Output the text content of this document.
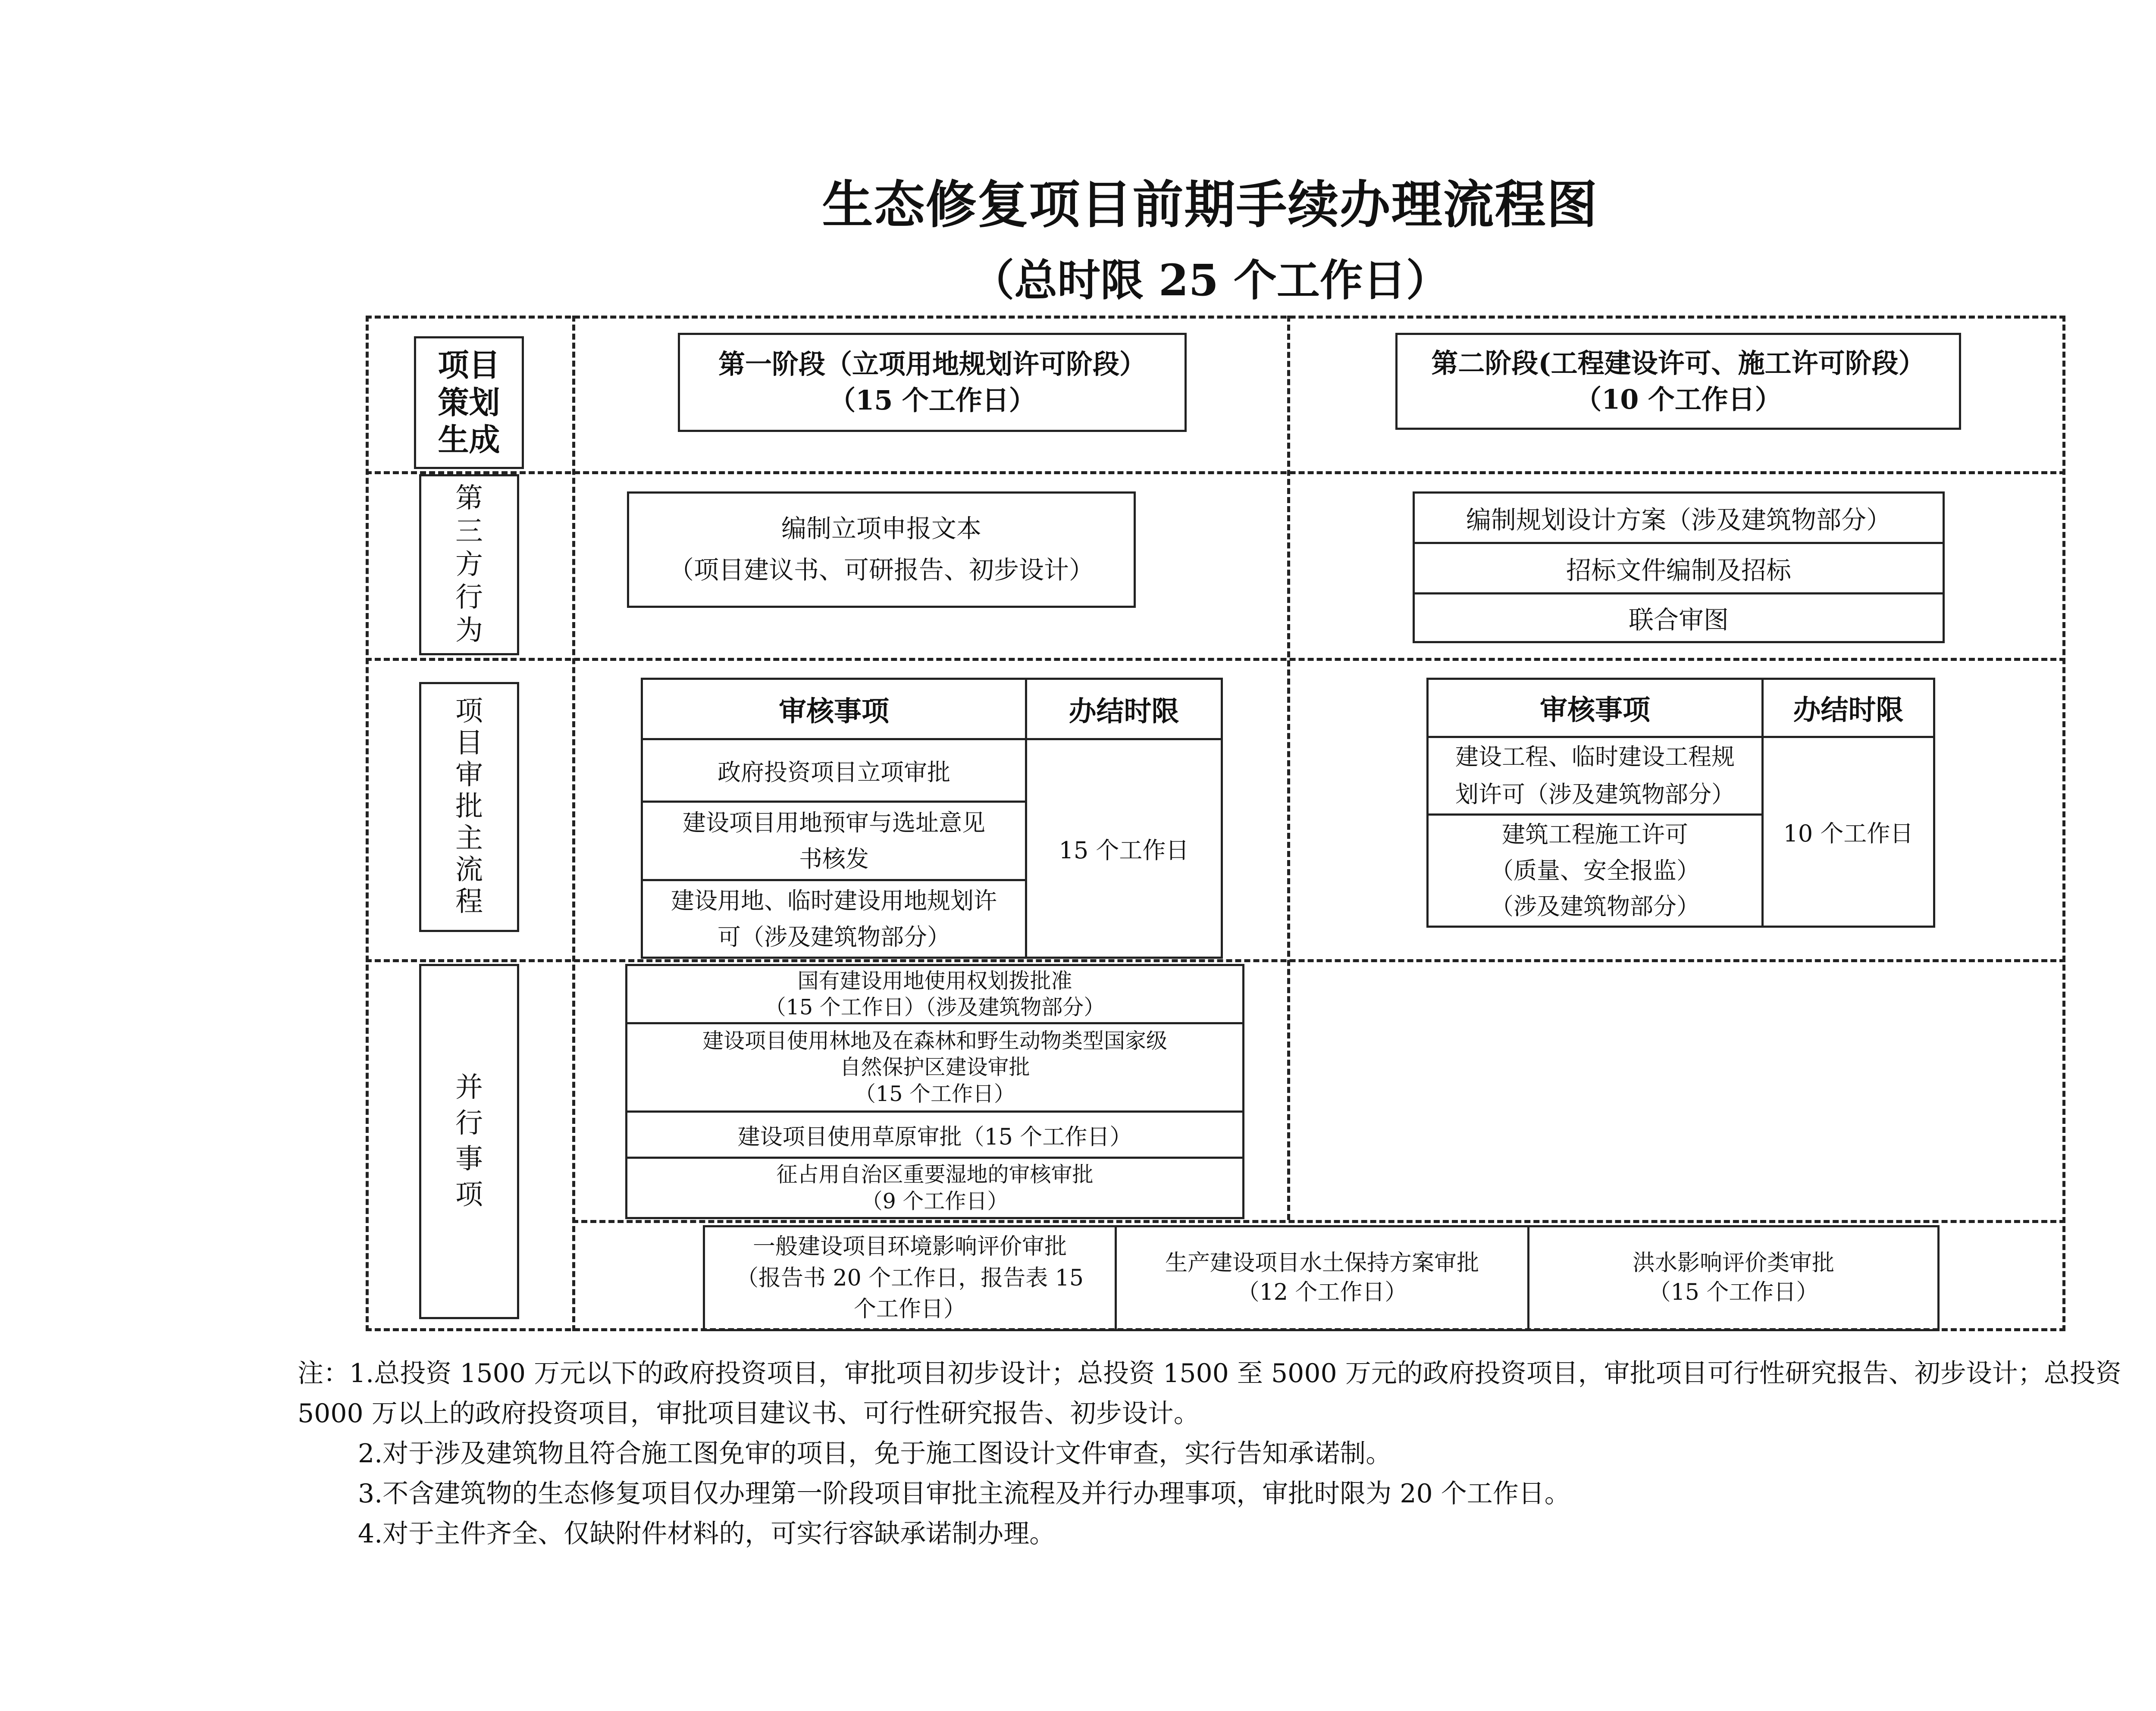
生态修复项目前期手续办理流程图
（总时限 25 个工作日）
项目
策划
生成
第三方行为
项目审批主流程
并行事项
第一阶段（立项用地规划许可阶段）
（15 个工作日）
第二阶段(工程建设许可、施工许可阶段）
（10 个工作日）
编制立项申报文本
（项目建议书、可研报告、初步设计）
编制规划设计方案（涉及建筑物部分）
招标文件编制及招标
联合审图
审核事项	办结时限
政府投资项目立项审批
建设项目用地预审与选址意见
书核发
建设用地、临时建设用地规划许
可（涉及建筑物部分）
15 个工作日
审核事项	办结时限
建设工程、临时建设工程规
划许可（涉及建筑物部分）
建筑工程施工许可
（质量、安全报监）
（涉及建筑物部分）
10 个工作日
国有建设用地使用权划拨批准
（15 个工作日）（涉及建筑物部分）
建设项目使用林地及在森林和野生动物类型国家级
自然保护区建设审批
（15 个工作日）
建设项目使用草原审批（15 个工作日）
征占用自治区重要湿地的审核审批
（9 个工作日）
一般建设项目环境影响评价审批
（报告书 20 个工作日，报告表 15
个工作日）
生产建设项目水土保持方案审批
（12 个工作日）
洪水影响评价类审批
（15 个工作日）

注：1.总投资 1500 万元以下的政府投资项目，审批项目初步设计；总投资 1500 至 5000 万元的政府投资项目，审批项目可行性研究报告、初步设计；总投资 5000 万以上的政府投资项目，审批项目建议书、可行性研究报告、初步设计。

2.对于涉及建筑物且符合施工图免审的项目，免于施工图设计文件审查，实行告知承诺制。

3.不含建筑物的生态修复项目仅办理第一阶段项目审批主流程及并行办理事项，审批时限为 20 个工作日。

4.对于主件齐全、仅缺附件材料的，可实行容缺承诺制办理。
